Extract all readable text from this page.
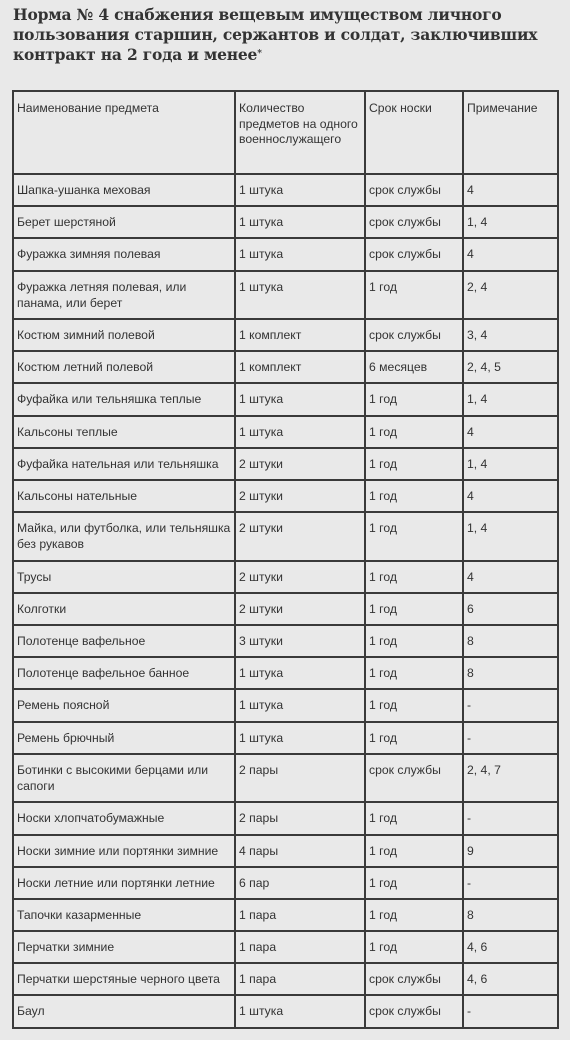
Норма № 4 снабжения вещевым имуществом личного пользования старшин, сержантов и солдат, заключивших контракт на 2 года и менее*
Наименование предмета	Количество предметов на одного военнослужащего	Срок носки	Примечание
Шапка-ушанка меховая	1 штука	срок службы	4
Берет шерстяной	1 штука	срок службы	1, 4
Фуражка зимняя полевая	1 штука	срок службы	4
Фуражка летняя полевая, или панама, или берет	1 штука	1 год	2, 4
Костюм зимний полевой	1 комплект	срок службы	3, 4
Костюм летний полевой	1 комплект	6 месяцев	2, 4, 5
Фуфайка или тельняшка теплые	1 штука	1 год	1, 4
Кальсоны теплые	1 штука	1 год	4
Фуфайка нательная или тельняшка	2 штуки	1 год	1, 4
Кальсоны нательные	2 штуки	1 год	4
Майка, или футболка, или тельняшка без рукавов	2 штуки	1 год	1, 4
Трусы	2 штуки	1 год	4
Колготки	2 штуки	1 год	6
Полотенце вафельное	3 штуки	1 год	8
Полотенце вафельное банное	1 штука	1 год	8
Ремень поясной	1 штука	1 год	-
Ремень брючный	1 штука	1 год	-
Ботинки с высокими берцами или сапоги	2 пары	срок службы	2, 4, 7
Носки хлопчатобумажные	2 пары	1 год	-
Носки зимние или портянки зимние	4 пары	1 год	9
Носки летние или портянки летние	6 пар	1 год	-
Тапочки казарменные	1 пара	1 год	8
Перчатки зимние	1 пара	1 год	4, 6
Перчатки шерстяные черного цвета	1 пара	срок службы	4, 6
Баул	1 штука	срок службы	-
